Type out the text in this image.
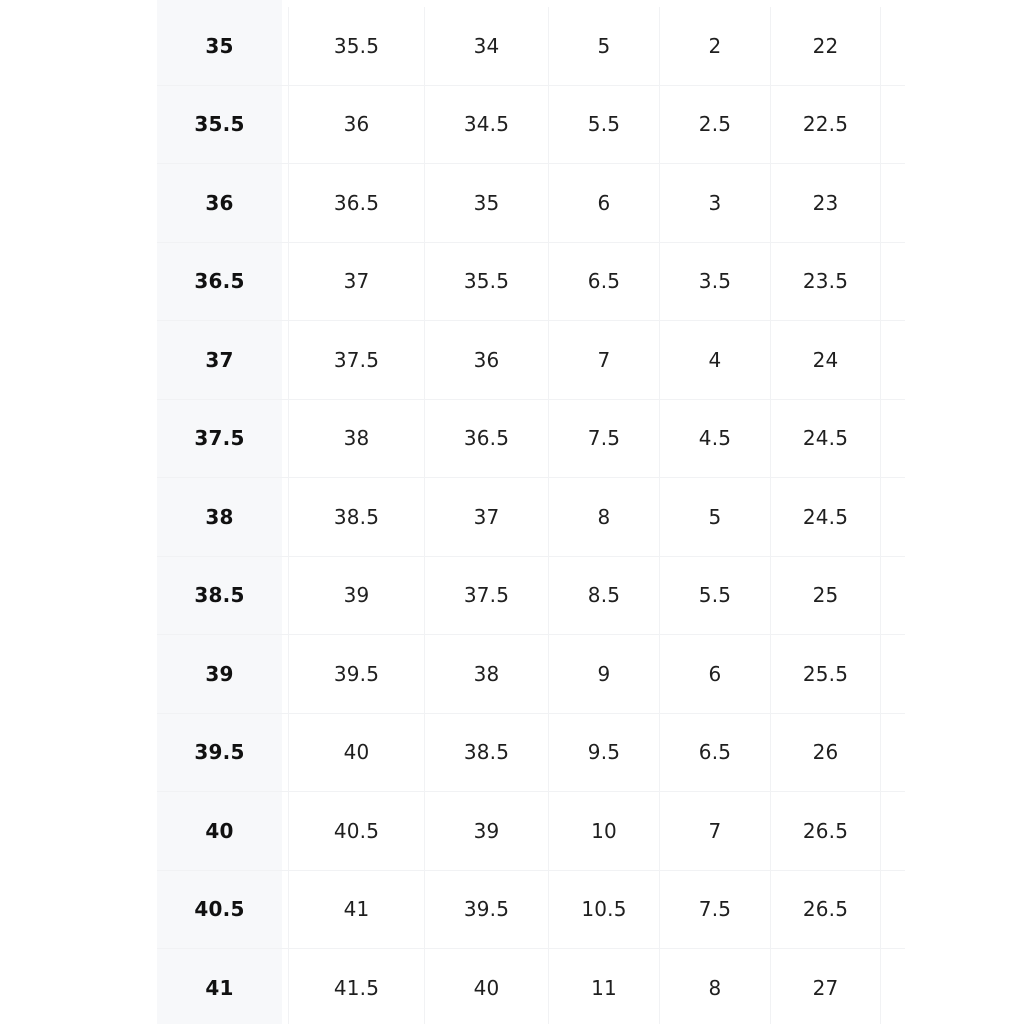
35	35.5	34	5	2	22
35.5	36	34.5	5.5	2.5	22.5
36	36.5	35	6	3	23
36.5	37	35.5	6.5	3.5	23.5
37	37.5	36	7	4	24
37.5	38	36.5	7.5	4.5	24.5
38	38.5	37	8	5	24.5
38.5	39	37.5	8.5	5.5	25
39	39.5	38	9	6	25.5
39.5	40	38.5	9.5	6.5	26
40	40.5	39	10	7	26.5
40.5	41	39.5	10.5	7.5	26.5
41	41.5	40	11	8	27
